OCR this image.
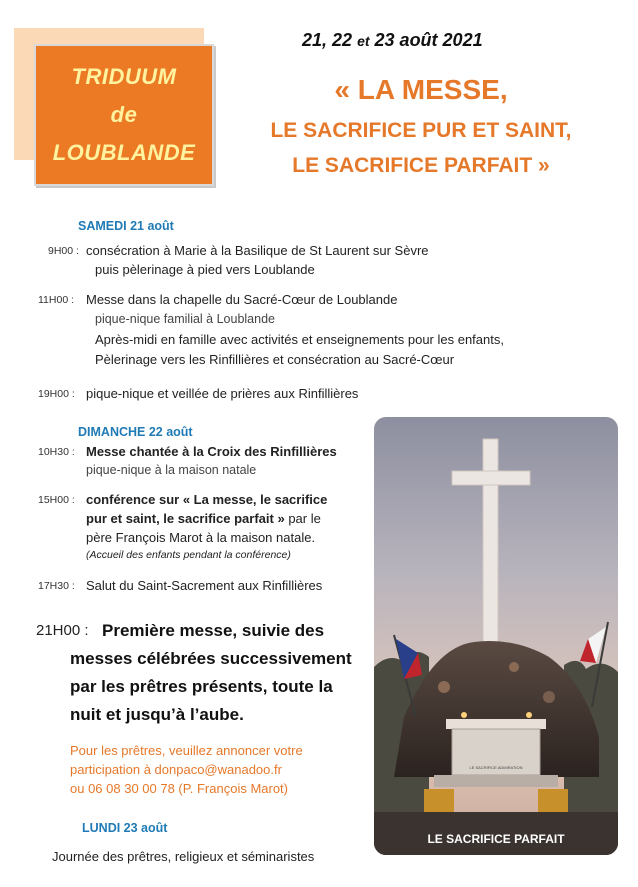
TRIDUUM
de
LOUBLANDE
21, 22 et 23 août 2021
« LA MESSE,
LE SACRIFICE PUR ET SAINT,
LE SACRIFICE PARFAIT »
SAMEDI 21 août
9H00 : consécration à Marie à la Basilique de St Laurent sur Sèvre
puis pèlerinage à pied vers Loublande
11H00 : Messe dans la chapelle du Sacré-Cœur de Loublande
pique-nique familial à Loublande
Après-midi en famille avec activités et enseignements pour les enfants,
Pèlerinage vers les Rinfillières et consécration au Sacré-Cœur
19H00 : pique-nique et veillée de prières aux Rinfillières
DIMANCHE 22 août
10H30 : Messe chantée à la Croix des Rinfillières
pique-nique à la maison natale
15H00 : conférence sur « La messe, le sacrifice
pur et saint, le sacrifice parfait » par le
père François Marot à la maison natale.
(Accueil des enfants pendant la conférence)
17H30 : Salut du Saint-Sacrement aux Rinfillières
21H00 : Première messe, suivie des
messes célébrées successivement
par les prêtres présents, toute la
nuit et jusqu’à l’aube.
Pour les prêtres, veuillez annoncer votre
participation à donpaco@wanadoo.fr
ou 06 08 30 00 78 (P. François Marot)
LUNDI 23 août
Journée des prêtres, religieux et séminaristes
LE SACRIFICE ADMIRATION
LE SACRIFICE PARFAIT
